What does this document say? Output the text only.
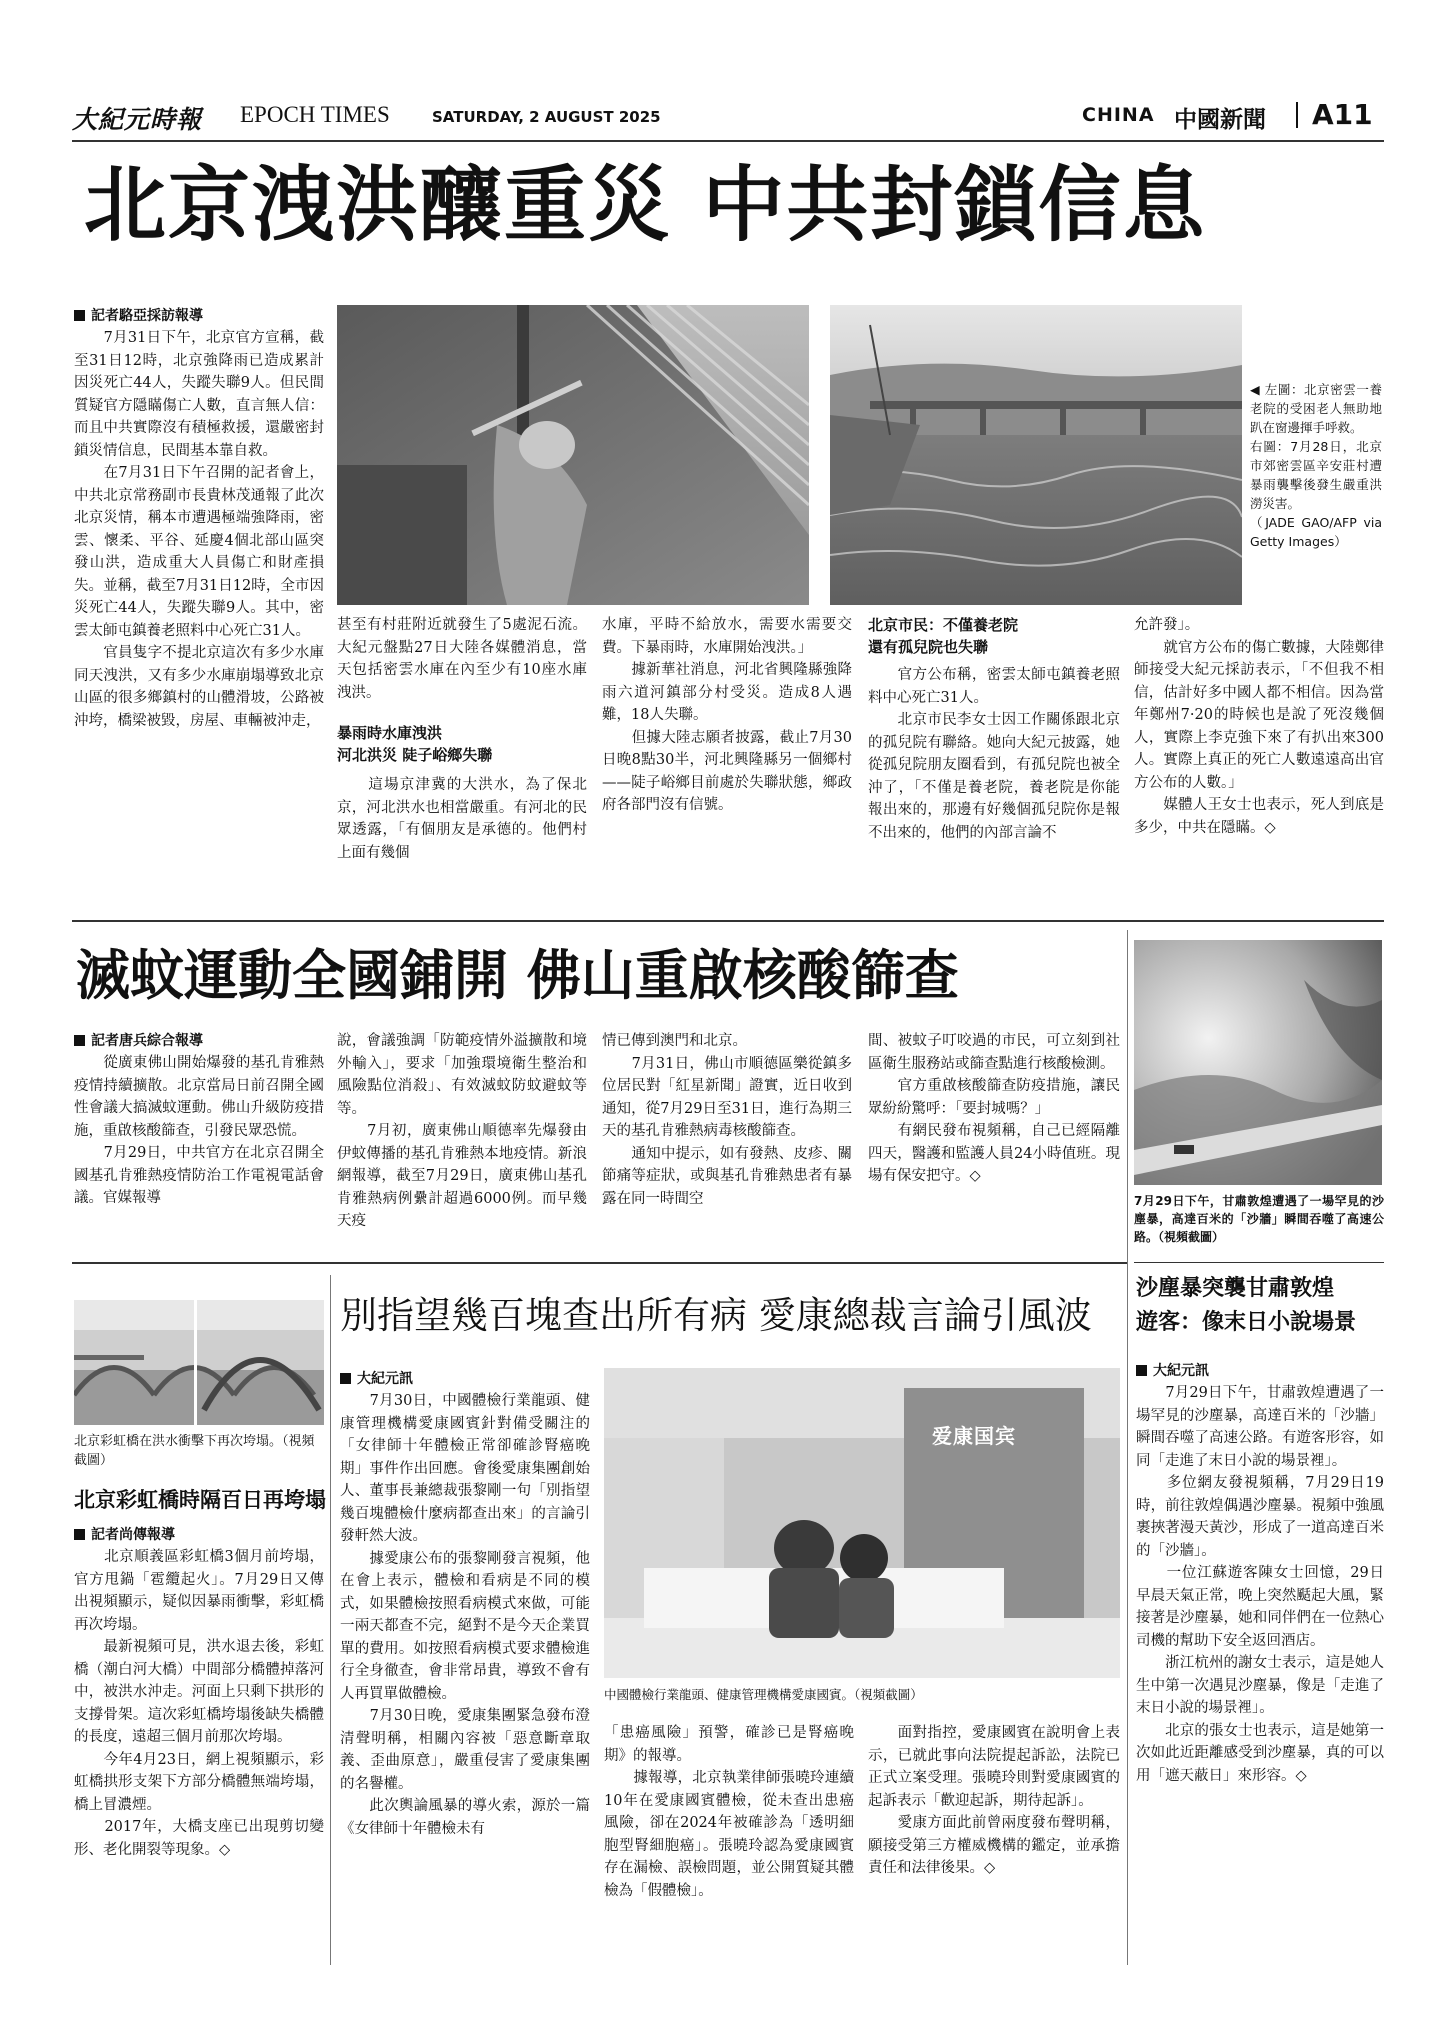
大紀元時報 EPOCH TIMES	SATURDAY, 2 AUGUST 2025	CHINA 中國新聞 A11
北京洩洪釀重災 中共封鎖信息
記者駱亞採訪報導
　　7月31日下午，北京官方宣稱，截至31日12時，北京強降雨已造成累計因災死亡44人，失蹤失聯9人。但民間質疑官方隱瞞傷亡人數，直言無人信：而且中共實際沒有積極救援，還嚴密封鎖災情信息，民間基本靠自救。
　　在7月31日下午召開的記者會上，中共北京常務副市長貴林茂通報了此次北京災情，稱本市遭遇極端強降雨，密雲、懷柔、平谷、延慶4個北部山區突發山洪，造成重大人員傷亡和財產損失。並稱，截至7月31日12時，全市因災死亡44人，失蹤失聯9人。其中，密雲太師屯鎮養老照料中心死亡31人。
　　官員隻字不提北京這次有多少水庫同天洩洪，又有多少水庫崩塌導致北京山區的很多鄉鎮村的山體滑坡，公路被沖垮，橋梁被毀，房屋、車輛被沖走，
◀ 左圖：北京密雲一養老院的受困老人無助地趴在窗邊揮手呼救。
右圖：7月28日，北京市郊密雲區辛安莊村遭暴雨襲擊後發生嚴重洪澇災害。
（JADE GAO/AFP via Getty Images）
甚至有村莊附近就發生了5處泥石流。大紀元盤點27日大陸各媒體消息，當天包括密雲水庫在內至少有10座水庫洩洪。
暴雨時水庫洩洪
河北洪災 陡子峪鄉失聯
　　這場京津冀的大洪水，為了保北京，河北洪水也相當嚴重。有河北的民眾透露，「有個朋友是承德的。他們村上面有幾個
水庫，平時不給放水，需要水需要交費。下暴雨時，水庫開始洩洪。」
　　據新華社消息，河北省興隆縣強降雨六道河鎮部分村受災。造成8人遇難，18人失聯。
　　但據大陸志願者披露，截止7月30日晚8點30半，河北興隆縣另一個鄉村——陡子峪鄉目前處於失聯狀態，鄉政府各部門沒有信號。
北京市民：不僅養老院
還有孤兒院也失聯
　　官方公布稱，密雲太師屯鎮養老照料中心死亡31人。
　　北京市民李女士因工作關係跟北京的孤兒院有聯絡。她向大紀元披露，她從孤兒院朋友圈看到，有孤兒院也被全沖了，「不僅是養老院，養老院是你能報出來的，那邊有好幾個孤兒院你是報不出來的，他們的內部言論不
允許發」。
　　就官方公布的傷亡數據，大陸鄭律師接受大紀元採訪表示，「不但我不相信，估計好多中國人都不相信。因為當年鄭州7·20的時候也是說了死沒幾個人，實際上李克強下來了有扒出來300人。實際上真正的死亡人數遠遠高出官方公布的人數。」
　　媒體人王女士也表示，死人到底是多少，中共在隱瞞。◇
滅蚊運動全國鋪開 佛山重啟核酸篩查
記者唐兵綜合報導
　　從廣東佛山開始爆發的基孔肯雅熱疫情持續擴散。北京當局日前召開全國性會議大搞滅蚊運動。佛山升級防疫措施，重啟核酸篩查，引發民眾恐慌。
　　7月29日，中共官方在北京召開全國基孔肯雅熱疫情防治工作電視電話會議。官媒報導
說，會議強調「防範疫情外溢擴散和境外輸入」，要求「加強環境衛生整治和風險點位消殺」、有效滅蚊防蚊避蚊等等。
　　7月初，廣東佛山順德率先爆發由伊蚊傳播的基孔肯雅熱本地疫情。新浪網報導，截至7月29日，廣東佛山基孔肯雅熱病例纍計超過6000例。而早幾天疫
情已傳到澳門和北京。
　　7月31日，佛山市順德區樂從鎮多位居民對「紅星新聞」證實，近日收到通知，從7月29日至31日，進行為期三天的基孔肯雅熱病毒核酸篩查。
　　通知中提示，如有發熱、皮疹、關節痛等症狀，或與基孔肯雅熱患者有暴露在同一時間空
間、被蚊子叮咬過的市民，可立刻到社區衛生服務站或篩查點進行核酸檢測。
　　官方重啟核酸篩查防疫措施，讓民眾紛紛驚呼：「要封城嗎？」
　　有網民發布視頻稱，自己已經隔離四天，醫護和監護人員24小時值班。現場有保安把守。◇
7月29日下午，甘肅敦煌遭遇了一場罕見的沙塵暴，高達百米的「沙牆」瞬間吞噬了高速公路。（視頻截圖）
北京彩虹橋在洪水衝擊下再次垮塌。（視頻截圖）
北京彩虹橋時隔百日再垮塌
記者尚傳報導
　　北京順義區彩虹橋3個月前垮塌，官方甩鍋「雹纜起火」。7月29日又傳出視頻顯示，疑似因暴雨衝擊，彩虹橋再次垮塌。
　　最新視頻可見，洪水退去後，彩虹橋（潮白河大橋）中間部分橋體掉落河中，被洪水沖走。河面上只剩下拱形的支撐骨架。這次彩虹橋垮塌後缺失橋體的長度，遠超三個月前那次垮塌。
　　今年4月23日，網上視頻顯示，彩虹橋拱形支架下方部分橋體無端垮塌，橋上冒濃煙。
　　2017年，大橋支座已出現剪切變形、老化開裂等現象。◇
別指望幾百塊查出所有病 愛康總裁言論引風波
大紀元訊
　　7月30日，中國體檢行業龍頭、健康管理機構愛康國賓針對備受關注的「女律師十年體檢正常卻確診腎癌晚期」事件作出回應。會後愛康集團創始人、董事長兼總裁張黎剛一句「別指望幾百塊體檢什麼病都查出來」的言論引發軒然大波。
　　據愛康公布的張黎剛發言視頻，他在會上表示，體檢和看病是不同的模式，如果體檢按照看病模式來做，可能一兩天都查不完，絕對不是今天企業買單的費用。如按照看病模式要求體檢進行全身徹查，會非常昂貴，導致不會有人再買單做體檢。
　　7月30日晚，愛康集團緊急發布澄清聲明稱，相關內容被「惡意斷章取義、歪曲原意」，嚴重侵害了愛康集團的名譽權。
　　此次輿論風暴的導火索，源於一篇《女律師十年體檢未有
爱康国宾
中國體檢行業龍頭、健康管理機構愛康國賓。（視頻截圖）
「患癌風險」預警，確診已是腎癌晚期》的報導。
　　據報導，北京執業律師張曉玲連續10年在愛康國賓體檢，從未查出患癌風險，卻在2024年被確診為「透明細胞型腎細胞癌」。張曉玲認為愛康國賓存在漏檢、誤檢問題，並公開質疑其體檢為「假體檢」。
　　面對指控，愛康國賓在說明會上表示，已就此事向法院提起訴訟，法院已正式立案受理。張曉玲則對愛康國賓的起訴表示「歡迎起訴，期待起訴」。
　　愛康方面此前曾兩度發布聲明稱，願接受第三方權威機構的鑑定，並承擔責任和法律後果。◇
沙塵暴突襲甘肅敦煌
遊客：像末日小說場景
大紀元訊
　　7月29日下午，甘肅敦煌遭遇了一場罕見的沙塵暴，高達百米的「沙牆」瞬間吞噬了高速公路。有遊客形容，如同「走進了末日小說的場景裡」。
　　多位網友發視頻稱，7月29日19時，前往敦煌偶遇沙塵暴。視頻中強風裹挾著漫天黃沙，形成了一道高達百米的「沙牆」。
　　一位江蘇遊客陳女士回憶，29日早晨天氣正常，晚上突然颳起大風，緊接著是沙塵暴，她和同伴們在一位熱心司機的幫助下安全返回酒店。
　　浙江杭州的謝女士表示，這是她人生中第一次遇見沙塵暴，像是「走進了末日小說的場景裡」。
　　北京的張女士也表示，這是她第一次如此近距離感受到沙塵暴，真的可以用「遮天蔽日」來形容。◇
